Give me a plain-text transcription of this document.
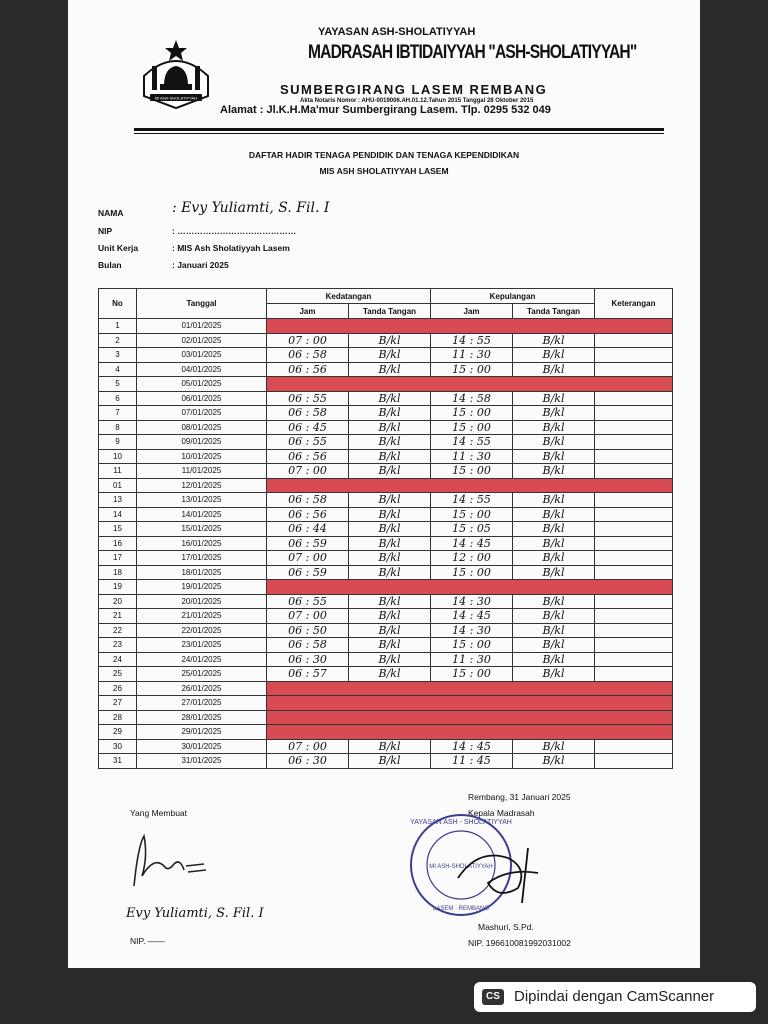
MI ASH-SHOLATIYYAH
YAYASAN ASH-SHOLATIYYAH
MADRASAH IBTIDAIYYAH "ASH-SHOLATIYYAH"
SUMBERGIRANG LASEM REMBANG
Akta Notaris Nomor : AHU-0019006.AH.01.12.Tahun 2015 Tanggal 28 Oktober 2015
Alamat : Jl.K.H.Ma'mur Sumbergirang Lasem. Tlp. 0295 532 049
DAFTAR HADIR TENAGA PENDIDIK DAN TENAGA KEPENDIDIKAN
MIS ASH SHOLATIYYAH LASEM
NAMA	: Evy Yuliamti, S. Fil. I
NIP	: ……………………………………
Unit Kerja	: MIS Ash Sholatiyyah Lasem
Bulan	: Januari 2025
No	Tanggal	Kedatangan		Kepulangan		Keterangan
		Jam	Tanda Tangan	Jam	Tanda Tangan	
1	01/01/2025					
2	02/01/2025	07 : 00	B/kl	14 : 55	B/kl	
3	03/01/2025	06 : 58	B/kl	11 : 30	B/kl	
4	04/01/2025	06 : 56	B/kl	15 : 00	B/kl	
5	05/01/2025					
6	06/01/2025	06 : 55	B/kl	14 : 58	B/kl	
7	07/01/2025	06 : 58	B/kl	15 : 00	B/kl	
8	08/01/2025	06 : 45	B/kl	15 : 00	B/kl	
9	09/01/2025	06 : 55	B/kl	14 : 55	B/kl	
10	10/01/2025	06 : 56	B/kl	11 : 30	B/kl	
11	11/01/2025	07 : 00	B/kl	15 : 00	B/kl	
01	12/01/2025					
13	13/01/2025	06 : 58	B/kl	14 : 55	B/kl	
14	14/01/2025	06 : 56	B/kl	15 : 00	B/kl	
15	15/01/2025	06 : 44	B/kl	15 : 05	B/kl	
16	16/01/2025	06 : 59	B/kl	14 : 45	B/kl	
17	17/01/2025	07 : 00	B/kl	12 : 00	B/kl	
18	18/01/2025	06 : 59	B/kl	15 : 00	B/kl	
19	19/01/2025					
20	20/01/2025	06 : 55	B/kl	14 : 30	B/kl	
21	21/01/2025	07 : 00	B/kl	14 : 45	B/kl	
22	22/01/2025	06 : 50	B/kl	14 : 30	B/kl	
23	23/01/2025	06 : 58	B/kl	15 : 00	B/kl	
24	24/01/2025	06 : 30	B/kl	11 : 30	B/kl	
25	25/01/2025	06 : 57	B/kl	15 : 00	B/kl	
26	26/01/2025					
27	27/01/2025					
28	28/01/2025					
29	29/01/2025					
30	30/01/2025	07 : 00	B/kl	14 : 45	B/kl	
31	31/01/2025	06 : 30	B/kl	11 : 45	B/kl	
Yang Membuat
Evy Yuliamti, S. Fil. I
NIP. ——
Rembang, 31 Januari 2025
Kepala Madrasah
YAYASAN ASH - SHOLATIYYAH
MI ASH-SHOLATIYYAH
LASEM · REMBANG
Mashuri, S.Pd.
NIP. 196610081992031002
CS Dipindai dengan CamScanner
